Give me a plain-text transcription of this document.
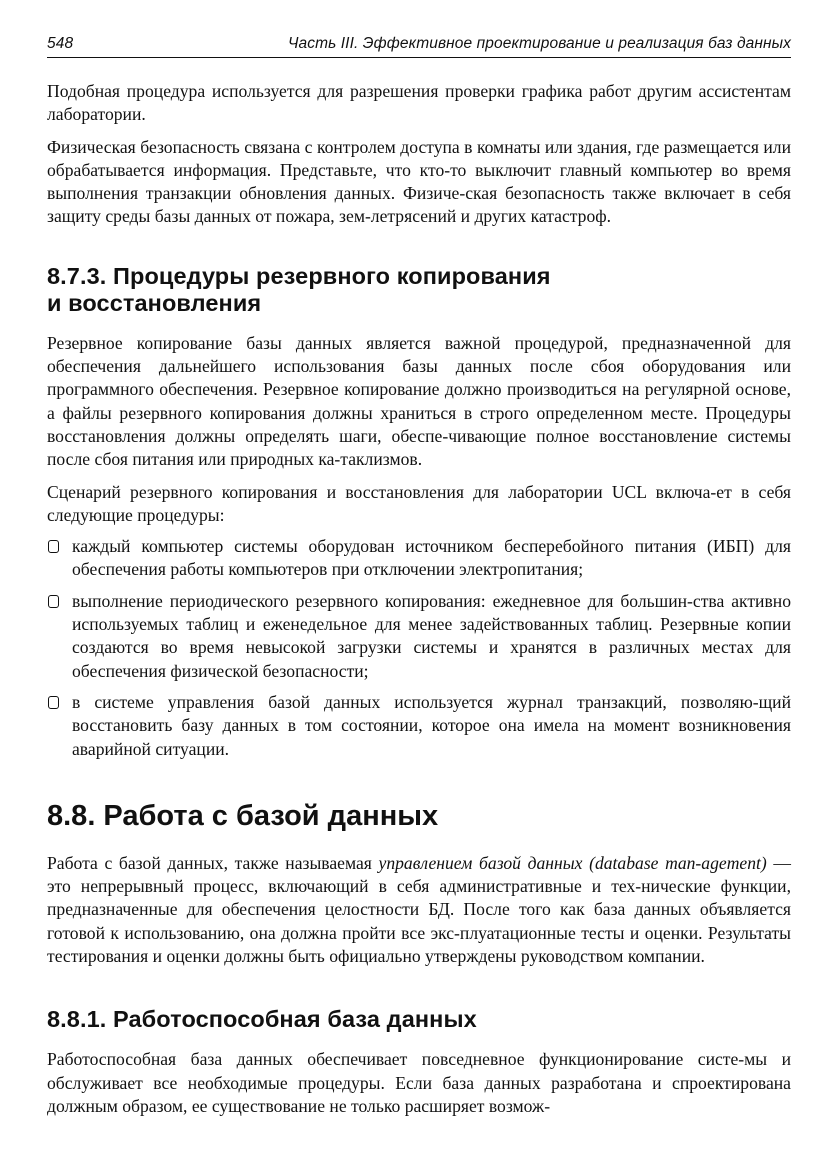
548	Часть III. Эффективное проектирование и реализация баз данных

Подобная процедура используется для разрешения проверки графика работ другим ассистентам лаборатории.

Физическая безопасность связана с контролем доступа в комнаты или здания, где размещается или обрабатывается информация. Представьте, что кто-то выключит главный компьютер во время выполнения транзакции обновления данных. Физиче-ская безопасность также включает в себя защиту среды базы данных от пожара, зем-летрясений и других катастроф.

8.7.3. Процедуры резервного копирования
и восстановления

Резервное копирование базы данных является важной процедурой, предназначенной для обеспечения дальнейшего использования базы данных после сбоя оборудования или программного обеспечения. Резервное копирование должно производиться на регулярной основе, а файлы резервного копирования должны храниться в строго определенном месте. Процедуры восстановления должны определять шаги, обеспе-чивающие полное восстановление системы после сбоя питания или природных ка-таклизмов.

Сценарий резервного копирования и восстановления для лаборатории UCL включа-ет в себя следующие процедуры:

каждый компьютер системы оборудован источником бесперебойного питания (ИБП) для обеспечения работы компьютеров при отключении электропитания;
выполнение периодического резервного копирования: ежедневное для большин-ства активно используемых таблиц и еженедельное для менее задействованных таблиц. Резервные копии создаются во время невысокой загрузки системы и хранятся в различных местах для обеспечения физической безопасности;
в системе управления базой данных используется журнал транзакций, позволяю-щий восстановить базу данных в том состоянии, которое она имела на момент возникновения аварийной ситуации.
8.8. Работа с базой данных

Работа с базой данных, также называемая управлением базой данных (database man-agement) — это непрерывный процесс, включающий в себя административные и тех-нические функции, предназначенные для обеспечения целостности БД. После того как база данных объявляется готовой к использованию, она должна пройти все экс-плуатационные тесты и оценки. Результаты тестирования и оценки должны быть официально утверждены руководством компании.

8.8.1. Работоспособная база данных

Работоспособная база данных обеспечивает повседневное функционирование систе-мы и обслуживает все необходимые процедуры. Если база данных разработана и спроектирована должным образом, ее существование не только расширяет возмож-
